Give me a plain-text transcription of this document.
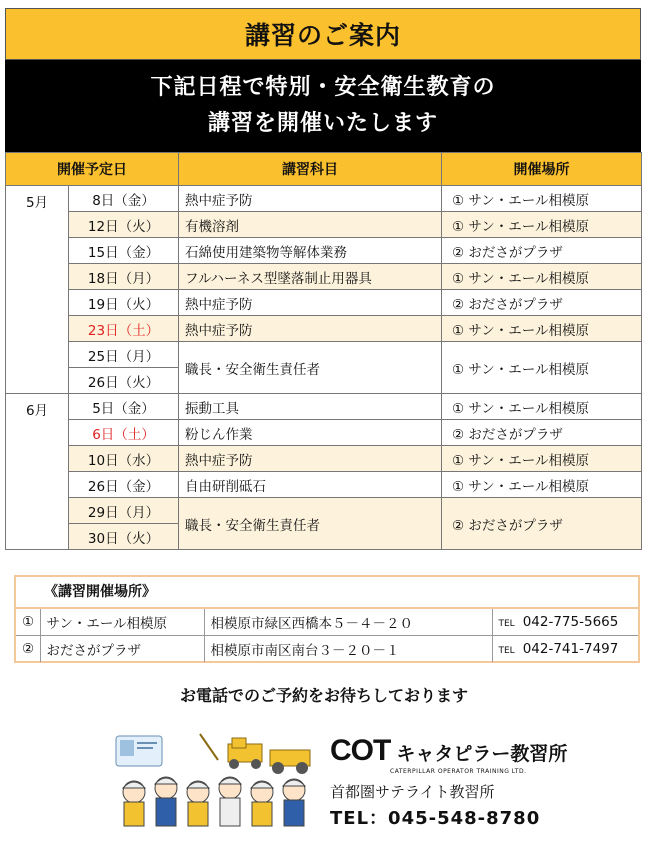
講習のご案内
下記日程で特別・安全衛生教育の
講習を開催いたします
開催予定日		講習科目	開催場所
5月	8日（金）	熱中症予防	① サン・エール相模原
	12日（火）	有機溶剤	① サン・エール相模原
	15日（金）	石綿使用建築物等解体業務	② おださがプラザ
	18日（月）	フルハーネス型墜落制止用器具	① サン・エール相模原
	19日（火）	熱中症予防	② おださがプラザ
	23日（土）	熱中症予防	① サン・エール相模原
	25日（月）	職長・安全衛生責任者	① サン・エール相模原
	26日（火）		
6月	5日（金）	振動工具	① サン・エール相模原
	6日（土）	粉じん作業	② おださがプラザ
	10日（水）	熱中症予防	① サン・エール相模原
	26日（金）	自由研削砥石	① サン・エール相模原
	29日（月）	職長・安全衛生責任者	② おださがプラザ
	30日（火）		
《講習開催場所》
①	サン・エール相模原	相模原市緑区西橋本５－４－２０	TEL 042-775-5665
②	おださがプラザ	相模原市南区南台３－２０－１	TEL 042-741-7497
お電話でのご予約をお待ちしております
COT キャタピラー教習所
CATERPILLAR OPERATOR TRAINING LTD.
首都圏サテライト教習所
TEL：045-548-8780
